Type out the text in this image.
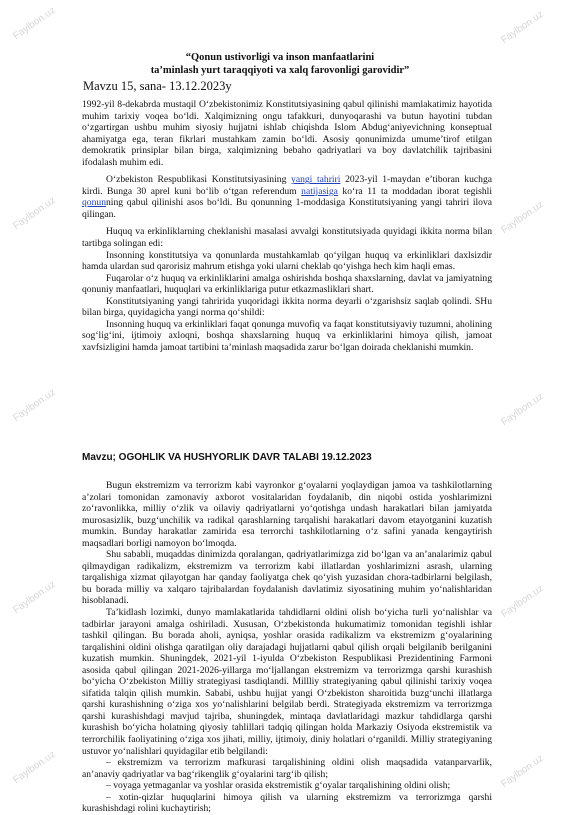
Faylbon.uz	Faylbon.uz
Faylbon.uz	Faylbon.uz
Faylbon.uz	Faylbon.uz
Faylbon.uz	Faylbon.uz
Faylbon.uz	Faylbon.uz
“Qonun ustivorligi va inson manfaatlarini
ta’minlash yurt taraqqiyoti va xalq farovonligi garovidir”
Mavzu 15, sana- 13.12.2023y

1992-yil 8-dekabrda mustaqil O‘zbekistonimiz Konstitutsiyasining qabul qilinishi mamlakatimiz hayotida muhim tarixiy voqea bo‘ldi. Xalqimizning ongu tafakkuri, dunyoqarashi va butun hayotini tubdan o‘zgartirgan ushbu muhim siyosiy hujjatni ishlab chiqishda Islom Abdug‘aniyevichning konseptual ahamiyatga ega, teran fikrlari mustahkam zamin bo‘ldi. Asosiy qonunimizda umume’tirof etilgan demokratik prinsiplar bilan birga, xalqimizning bebaho qadriyatlari va boy davlatchilik tajribasini ifodalash muhim edi.

O‘zbekiston Respublikasi Konstitutsiyasining yangi tahriri 2023-yil 1-maydan e’tiboran kuchga kirdi. Bunga 30 aprel kuni bo‘lib o‘tgan referendum natijasiga ko‘ra 11 ta moddadan iborat tegishli qonunning qabul qilinishi asos bo‘ldi. Bu qonunning 1-moddasiga Konstitutsiyaning yangi tahriri ilova qilingan.

Huquq va erkinliklarning cheklanishi masalasi avvalgi konstitutsiyada quyidagi ikkita norma bilan tartibga solingan edi:

Insonning konstitutsiya va qonunlarda mustahkamlab qo‘yilgan huquq va erkinliklari daxlsizdir hamda ulardan sud qarorisiz mahrum etishga yoki ularni cheklab qo‘yishga hech kim haqli emas.

Fuqarolar o‘z huquq va erkinliklarini amalga oshirishda boshqa shaxslarning, davlat va jamiyatning qonuniy manfaatlari, huquqlari va erkinliklariga putur etkazmasliklari shart.

Konstitutsiyaning yangi tahririda yuqoridagi ikkita norma deyarli o‘zgarishsiz saqlab qolindi. SHu bilan birga, quyidagicha yangi norma qo‘shildi:

Insonning huquq va erkinliklari faqat qonunga muvofiq va faqat konstitutsiyaviy tuzumni, aholining sog‘lig‘ini, ijtimoiy axloqni, boshqa shaxslarning huquq va erkinliklarini himoya qilish, jamoat xavfsizligini hamda jamoat tartibini ta’minlash maqsadida zarur bo‘lgan doirada cheklanishi mumkin.

Mavzu; OGOHLIK VA HUSHYORLIK DAVR TALABI 19.12.2023

Bugun ekstremizm va terrorizm kabi vayronkor g‘oyalarni yoqlaydigan jamoa va tashkilotlarning a’zolari tomonidan zamonaviy axborot vositalaridan foydalanib, din niqobi ostida yoshlarimizni zo‘ravonlikka, milliy o‘zlik va oilaviy qadriyatlarni yo‘qotishga undash harakatlari bilan jamiyatda murosasizlik, buzg‘unchilik va radikal qarashlarning tarqalishi harakatlari davom etayotganini kuzatish mumkin. Bunday harakatlar zamirida esa terrorchi tashkilotlarning o‘z safini yanada kengaytirish maqsadlari borligi namoyon bo‘lmoqda.

Shu sababli, muqaddas dinimizda qoralangan, qadriyatlarimizga zid bo‘lgan va an’analarimiz qabul qilmaydigan radikalizm, ekstremizm va terrorizm kabi illatlardan yoshlarimizni asrash, ularning tarqalishiga xizmat qilayotgan har qanday faoliyatga chek qo‘yish yuzasidan chora-tadbirlarni belgilash, bu borada milliy va xalqaro tajribalardan foydalanish davlatimiz siyosatining muhim yo‘nalishlaridan hisoblanadi.

Ta’kidlash lozimki, dunyo mamlakatlarida tahdidlarni oldini olish bo‘yicha turli yo‘nalishlar va tadbirlar jarayoni amalga oshiriladi. Xususan, O‘zbekistonda hukumatimiz tomonidan tegishli ishlar tashkil qilingan. Bu borada aholi, ayniqsa, yoshlar orasida radikalizm va ekstremizm g‘oyalarining tarqalishini oldini olishga qaratilgan oliy darajadagi hujjatlarni qabul qilish orqali belgilanib berilganini kuzatish mumkin. Shuningdek, 2021-yil 1-iyulda O‘zbekiston Respublikasi Prezidentining Farmoni asosida qabul qilingan 2021-2026-yillarga mo‘ljallangan ekstremizm va terrorizmga qarshi kurashish bo‘yicha O‘zbekiston Milliy strategiyasi tasdiqlandi. Millliy strategiyaning qabul qilinishi tarixiy voqea sifatida talqin qilish mumkin. Sababi, ushbu hujjat yangi O‘zbekiston sharoitida buzg‘unchi illatlarga qarshi kurashishning o‘ziga xos yo‘nalishlarini belgilab berdi. Strategiyada ekstremizm va terrorizmga qarshi kurashishdagi mavjud tajriba, shuningdek, mintaqa davlatlaridagi mazkur tahdidlarga qarshi kurashish bo‘yicha holatning qiyosiy tahlillari tadqiq qilingan holda Markaziy Osiyoda ekstremistik va terrorchilik faoliyatining o‘ziga xos jihati, milliy, ijtimoiy, diniy holatlari o‘rganildi. Milliy strategiyaning ustuvor yo‘nalishlari quyidagilar etib belgilandi:

– ekstremizm va terrorizm mafkurasi tarqalishining oldini olish maqsadida vatanparvarlik, an’anaviy qadriyatlar va bag‘rikenglik g‘oyalarini targ‘ib qilish;

– voyaga yetmaganlar va yoshlar orasida ekstremistik g‘oyalar tarqalishining oldini olish;

– xotin-qizlar huquqlarini himoya qilish va ularning ekstremizm va terrorizmga qarshi kurashishdagi rolini kuchaytirish;
